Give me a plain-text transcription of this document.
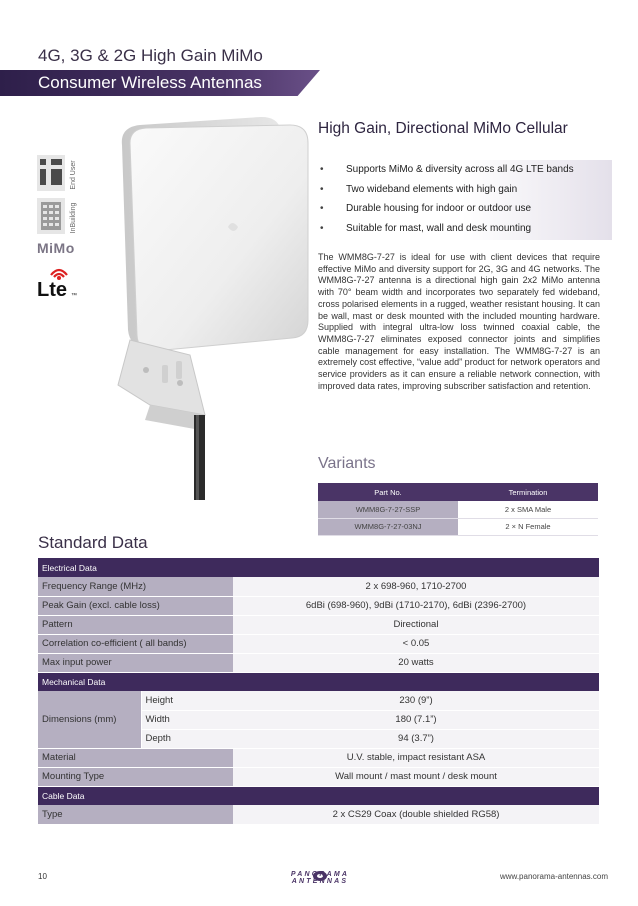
4G, 3G & 2G High Gain MiMo
Consumer Wireless Antennas
End User
InBuilding
MiMo
Lte ™
High Gain, Directional MiMo Cellular
• Supports MiMo & diversity across all 4G LTE bands
• Two wideband elements with high gain
• Durable housing for indoor or outdoor use
• Suitable for mast, wall and desk mounting

The WMM8G-7-27 is ideal for use with client devices that require effective MiMo and diversity support for 2G, 3G and 4G networks. The WMM8G-7-27 antenna is a directional high gain 2x2 MiMo antenna with 70° beam width and incorporates two separately fed wideband, cross polarised elements in a rugged, weather resistant housing. It can be wall, mast or desk mounted with the included mounting hardware. Supplied with integral ultra-low loss twinned coaxial cable, the WMM8G-7-27 eliminates exposed connector joints and simplifies cable management for easy installation. The WMM8G-7-27 is an extremely cost effective, “value add” product for network operators and service providers as it can ensure a reliable network connection, with improved data rates, improving subscriber satisfaction and retention.

Variants
Part No.	Termination
WMM8G-7-27-SSP	2 x SMA Male
WMM8G-7-27-03NJ	2 × N Female
Standard Data
Electrical Data		
Frequency Range (MHz)		2 x 698-960, 1710-2700
Peak Gain (excl. cable loss)		6dBi (698-960), 9dBi (1710-2170), 6dBi (2396-2700)
Pattern		Directional
Correlation co-efficient ( all bands)		< 0.05
Max input power		20 watts
Mechanical Data		
Dimensions (mm)	Height	230 (9”)
	Width	180 (7.1”)
	Depth	94 (3.7”)
Material		U.V. stable, impact resistant ASA
Mounting Type		Wall mount / mast mount / desk mount
Cable Data		
Type		2 x CS29 Coax (double shielded RG58)
10	PANORAMA ANTENNAS
www.panorama-antennas.com
